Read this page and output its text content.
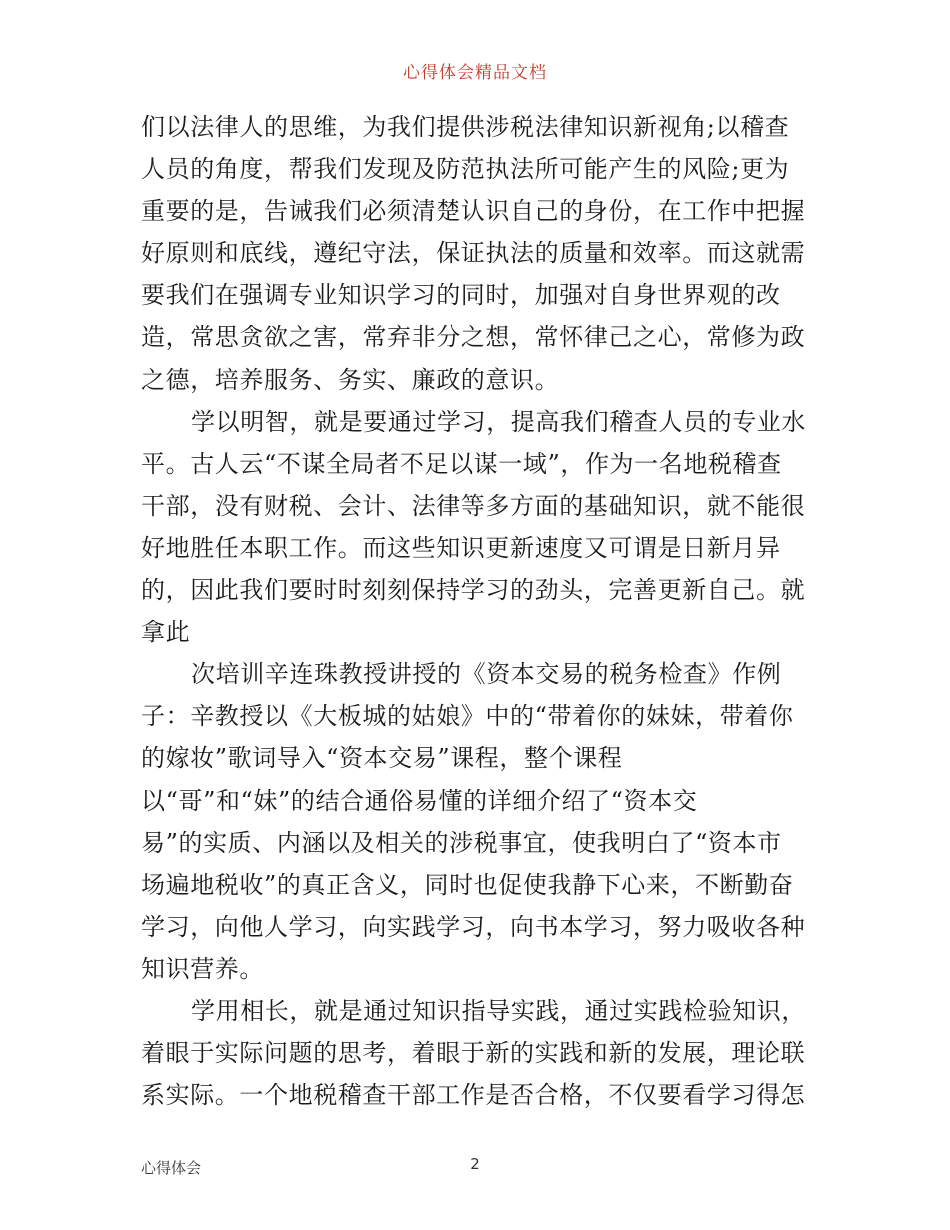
心得体会精品文档
们以法律人的思维，为我们提供涉税法律知识新视角;以稽查
人员的角度，帮我们发现及防范执法所可能产生的风险;更为
重要的是，告诫我们必须清楚认识自己的身份，在工作中把握
好原则和底线，遵纪守法，保证执法的质量和效率。而这就需
要我们在强调专业知识学习的同时，加强对自身世界观的改
造，常思贪欲之害，常弃非分之想，常怀律己之心，常修为政
之德，培养服务、务实、廉政的意识。
学以明智，就是要通过学习，提高我们稽查人员的专业水
平。古人云“不谋全局者不足以谋一域”，作为一名地税稽查
干部，没有财税、会计、法律等多方面的基础知识，就不能很
好地胜任本职工作。而这些知识更新速度又可谓是日新月异
的，因此我们要时时刻刻保持学习的劲头，完善更新自己。就
拿此
次培训辛连珠教授讲授的《资本交易的税务检查》作例
子：辛教授以《大板城的姑娘》中的“带着你的妹妹，带着你
的嫁妆”歌词导入“资本交易”课程，整个课程
以“哥”和“妹”的结合通俗易懂的详细介绍了“资本交
易”的实质、内涵以及相关的涉税事宜，使我明白了“资本市
场遍地税收”的真正含义，同时也促使我静下心来，不断勤奋
学习，向他人学习，向实践学习，向书本学习，努力吸收各种
知识营养。
学用相长，就是通过知识指导实践，通过实践检验知识，
着眼于实际问题的思考，着眼于新的实践和新的发展，理论联
系实际。一个地税稽查干部工作是否合格，不仅要看学习得怎
心得体会	2
